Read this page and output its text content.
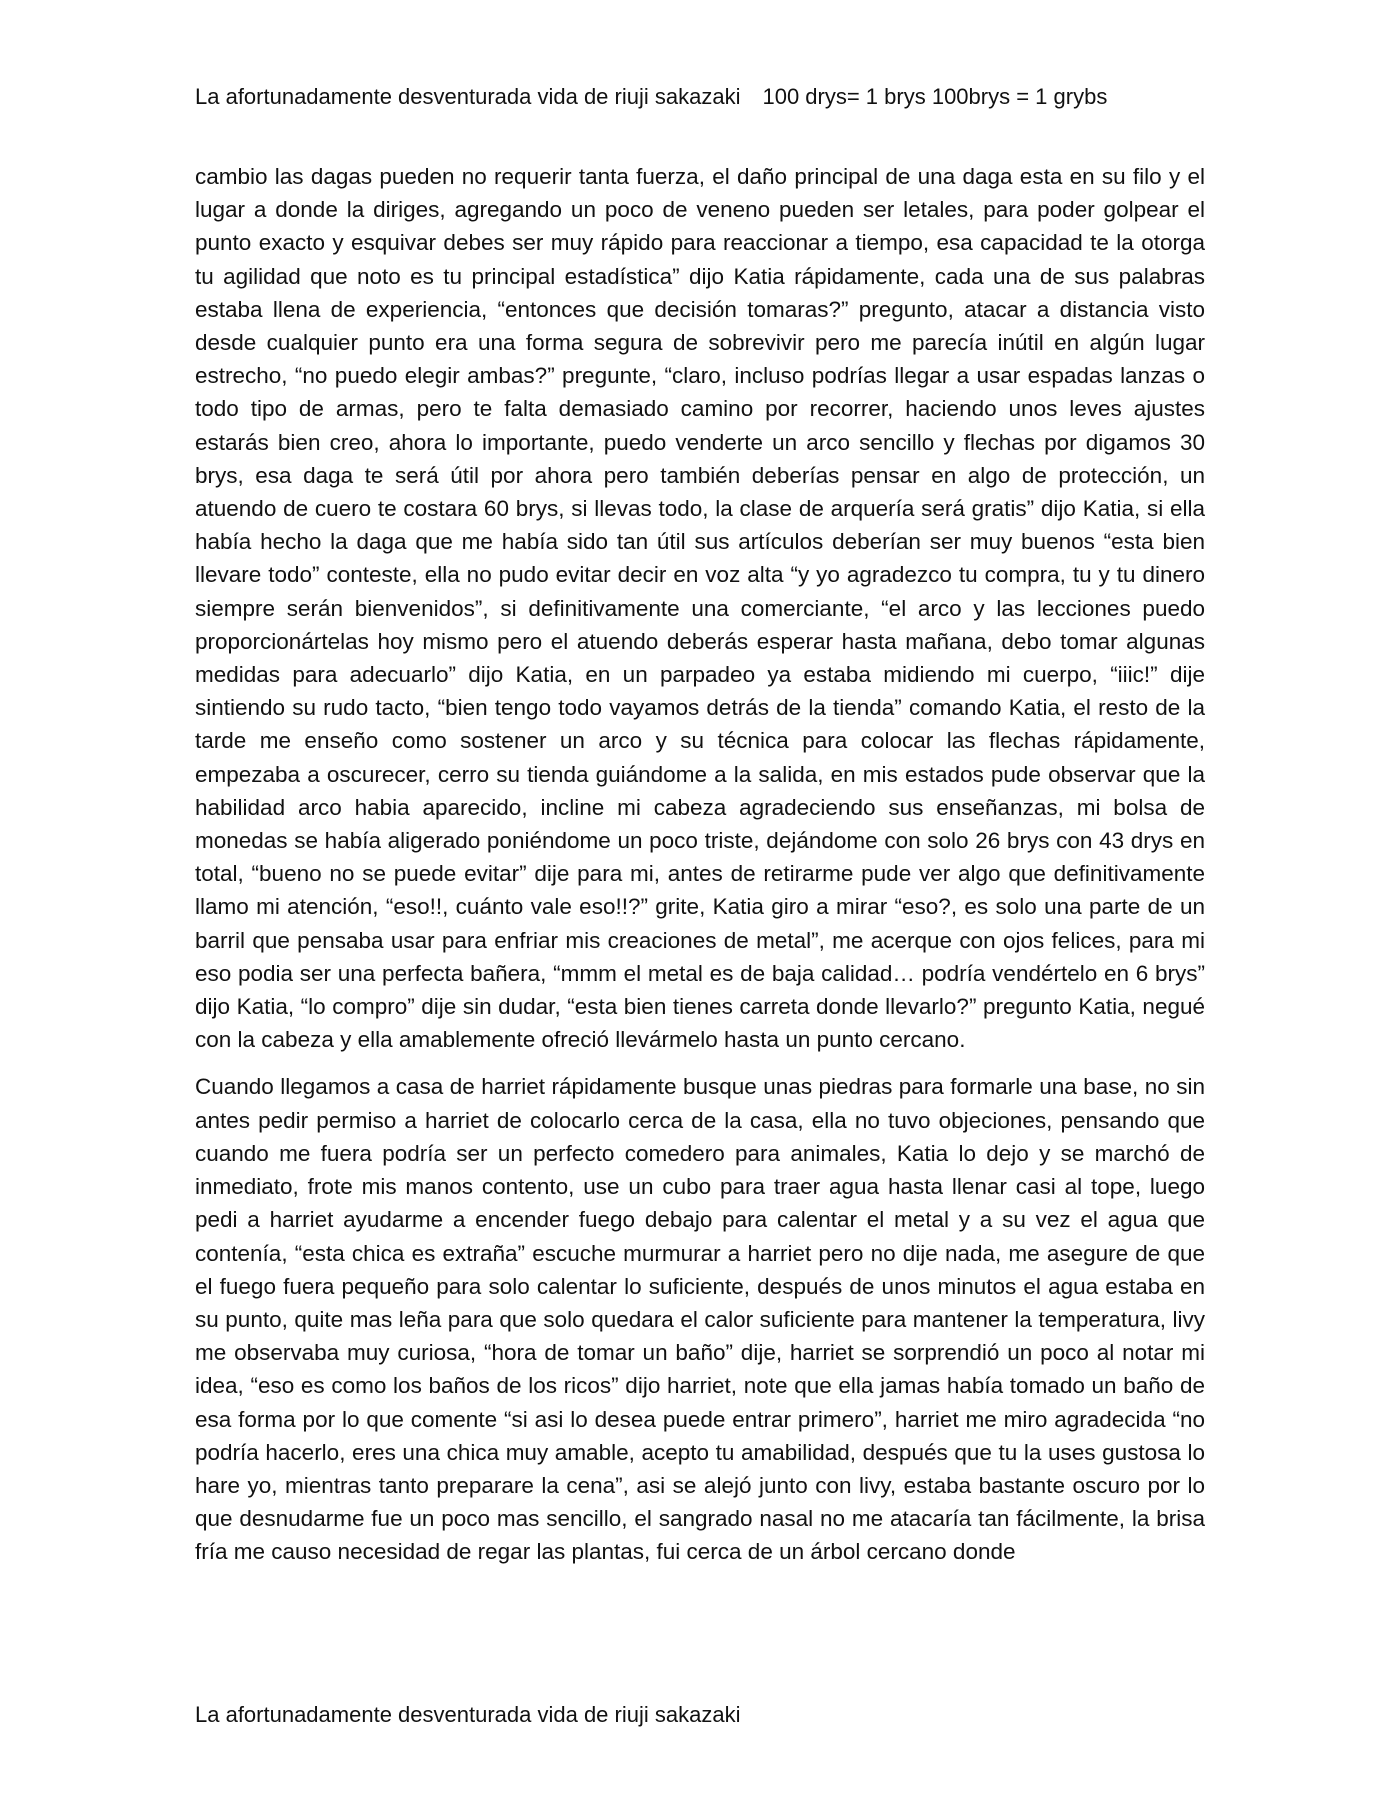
La afortunadamente desventurada vida de riuji sakazaki 100 drys= 1 brys 100brys = 1 grybs

cambio las dagas pueden no requerir tanta fuerza, el daño principal de una daga esta en su filo y el lugar a donde la diriges, agregando un poco de veneno pueden ser letales, para poder golpear el punto exacto y esquivar debes ser muy rápido para reaccionar a tiempo, esa capacidad te la otorga tu agilidad que noto es tu principal estadística” dijo Katia rápidamente, cada una de sus palabras estaba llena de experiencia, “entonces que decisión tomaras?” pregunto, atacar a distancia visto desde cualquier punto era una forma segura de sobrevivir pero me parecía inútil en algún lugar estrecho, “no puedo elegir ambas?” pregunte, “claro, incluso podrías llegar a usar espadas lanzas o todo tipo de armas, pero te falta demasiado camino por recorrer, haciendo unos leves ajustes estarás bien creo, ahora lo importante, puedo venderte un arco sencillo y flechas por digamos 30 brys, esa daga te será útil por ahora pero también deberías pensar en algo de protección, un atuendo de cuero te costara 60 brys, si llevas todo, la clase de arquería será gratis” dijo Katia, si ella había hecho la daga que me había sido tan útil sus artículos deberían ser muy buenos “esta bien llevare todo” conteste, ella no pudo evitar decir en voz alta “y yo agradezco tu compra, tu y tu dinero siempre serán bienvenidos”, si definitivamente una comerciante, “el arco y las lecciones puedo proporcionártelas hoy mismo pero el atuendo deberás esperar hasta mañana, debo tomar algunas medidas para adecuarlo” dijo Katia, en un parpadeo ya estaba midiendo mi cuerpo, “iiic!” dije sintiendo su rudo tacto, “bien tengo todo vayamos detrás de la tienda” comando Katia, el resto de la tarde me enseño como sostener un arco y su técnica para colocar las flechas rápidamente, empezaba a oscurecer, cerro su tienda guiándome a la salida, en mis estados pude observar que la habilidad arco habia aparecido, incline mi cabeza agradeciendo sus enseñanzas, mi bolsa de monedas se había aligerado poniéndome un poco triste, dejándome con solo 26 brys con 43 drys en total, “bueno no se puede evitar” dije para mi, antes de retirarme pude ver algo que definitivamente llamo mi atención, “eso!!, cuánto vale eso!!?” grite, Katia giro a mirar “eso?, es solo una parte de un barril que pensaba usar para enfriar mis creaciones de metal”, me acerque con ojos felices, para mi eso podia ser una perfecta bañera, “mmm el metal es de baja calidad… podría vendértelo en 6 brys” dijo Katia, “lo compro” dije sin dudar, “esta bien tienes carreta donde llevarlo?” pregunto Katia, negué con la cabeza y ella amablemente ofreció llevármelo hasta un punto cercano.

Cuando llegamos a casa de harriet rápidamente busque unas piedras para formarle una base, no sin antes pedir permiso a harriet de colocarlo cerca de la casa, ella no tuvo objeciones, pensando que cuando me fuera podría ser un perfecto comedero para animales, Katia lo dejo y se marchó de inmediato, frote mis manos contento, use un cubo para traer agua hasta llenar casi al tope, luego pedi a harriet ayudarme a encender fuego debajo para calentar el metal y a su vez el agua que contenía, “esta chica es extraña” escuche murmurar a harriet pero no dije nada, me asegure de que el fuego fuera pequeño para solo calentar lo suficiente, después de unos minutos el agua estaba en su punto, quite mas leña para que solo quedara el calor suficiente para mantener la temperatura, livy me observaba muy curiosa, “hora de tomar un baño” dije, harriet se sorprendió un poco al notar mi idea, “eso es como los baños de los ricos” dijo harriet, note que ella jamas había tomado un baño de esa forma por lo que comente “si asi lo desea puede entrar primero”, harriet me miro agradecida “no podría hacerlo, eres una chica muy amable, acepto tu amabilidad, después que tu la uses gustosa lo hare yo, mientras tanto preparare la cena”, asi se alejó junto con livy, estaba bastante oscuro por lo que desnudarme fue un poco mas sencillo, el sangrado nasal no me atacaría tan fácilmente, la brisa fría me causo necesidad de regar las plantas, fui cerca de un árbol cercano donde

La afortunadamente desventurada vida de riuji sakazaki
